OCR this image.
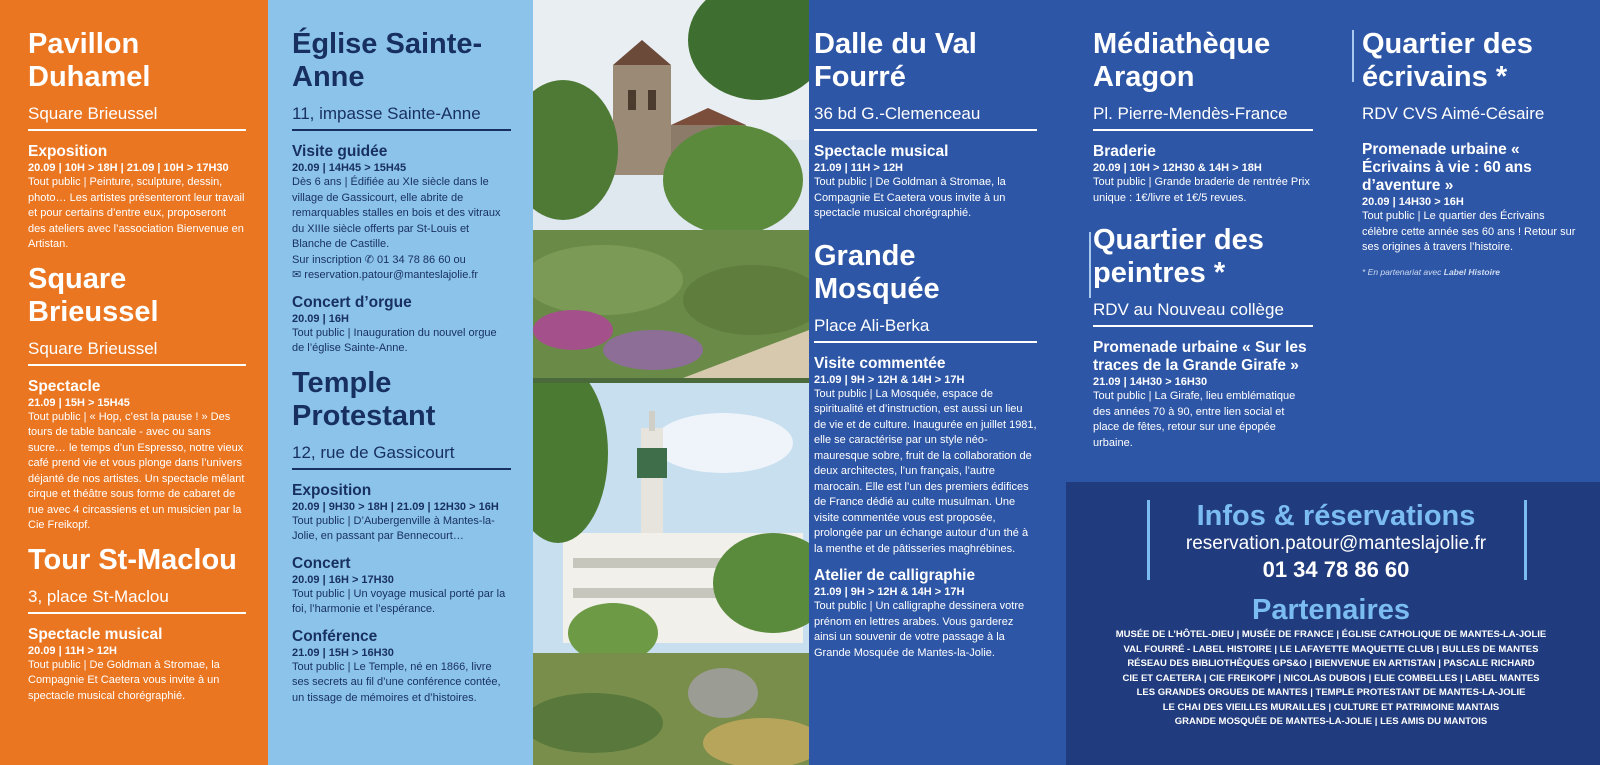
Pavillon Duhamel
Square Brieussel
Exposition
20.09 | 10H > 18H | 21.09 | 10H > 17H30
Tout public | Peinture, sculpture, dessin, photo… Les artistes présenteront leur travail et pour certains d’entre eux, proposeront des ateliers avec l’association Bienvenue en Artistan.
Square Brieussel
Square Brieussel
Spectacle
21.09 | 15H > 15H45
Tout public | « Hop, c’est la pause ! » Des tours de table bancale - avec ou sans sucre… le temps d’un Espresso, notre vieux café prend vie et vous plonge dans l’univers déjanté de nos artistes. Un spectacle mêlant cirque et théâtre sous forme de cabaret de rue avec 4 circassiens et un musicien par la Cie Freikopf.
Tour St-Maclou
3, place St-Maclou
Spectacle musical
20.09 | 11H > 12H
Tout public | De Goldman à Stromae, la Compagnie Et Caetera vous invite à un spectacle musical chorégraphié.
Église Sainte-Anne
11, impasse Sainte-Anne
Visite guidée
20.09 | 14H45 > 15H45
Dès 6 ans | Édifiée au XIe siècle dans le village de Gassicourt, elle abrite de remarquables stalles en bois et des vitraux du XIIIe siècle offerts par St-Louis et Blanche de Castille.
Sur inscription ✆ 01 34 78 86 60 ou
✉ reservation.patour@manteslajolie.fr
Concert d’orgue
20.09 | 16H
Tout public | Inauguration du nouvel orgue de l’église Sainte-Anne.
Temple Protestant
12, rue de Gassicourt
Exposition
20.09 | 9H30 > 18H | 21.09 | 12H30 > 16H
Tout public | D’Aubergenville à Mantes-la-Jolie, en passant par Bennecourt…
Concert
20.09 | 16H > 17H30
Tout public | Un voyage musical porté par la foi, l’harmonie et l’espérance.
Conférence
21.09 | 15H > 16H30
Tout public | Le Temple, né en 1866, livre ses secrets au fil d’une conférence contée, un tissage de mémoires et d’histoires.
Dalle du Val Fourré
36 bd G.-Clemenceau
Spectacle musical
21.09 | 11H > 12H
Tout public | De Goldman à Stromae, la Compagnie Et Caetera vous invite à un spectacle musical chorégraphié.
Grande Mosquée
Place Ali-Berka
Visite commentée
21.09 | 9H > 12H & 14H > 17H
Tout public | La Mosquée, espace de spiritualité et d’instruction, est aussi un lieu de vie et de culture. Inaugurée en juillet 1981, elle se caractérise par un style néo-mauresque sobre, fruit de la collaboration de deux architectes, l’un français, l’autre marocain. Elle est l’un des premiers édifices de France dédié au culte musulman. Une visite commentée vous est proposée, prolongée par un échange autour d’un thé à la menthe et de pâtisseries maghrébines.
Atelier de calligraphie
21.09 | 9H > 12H & 14H > 17H
Tout public | Un calligraphe dessinera votre prénom en lettres arabes. Vous garderez ainsi un souvenir de votre passage à la Grande Mosquée de Mantes-la-Jolie.
Médiathèque Aragon
Pl. Pierre-Mendès-France
Braderie
20.09 | 10H > 12H30 & 14H > 18H
Tout public | Grande braderie de rentrée Prix unique : 1€/livre et 1€/5 revues.
Quartier des peintres *
RDV au Nouveau collège
Promenade urbaine « Sur les traces de la Grande Girafe »
21.09 | 14H30 > 16H30
Tout public | La Girafe, lieu emblématique des années 70 à 90, entre lien social et place de fêtes, retour sur une épopée urbaine.
Quartier des écrivains *
RDV CVS Aimé-Césaire
Promenade urbaine « Écrivains à vie : 60 ans d’aventure »
20.09 | 14H30 > 16H
Tout public | Le quartier des Écrivains célèbre cette année ses 60 ans ! Retour sur ses origines à travers l’histoire.
* En partenariat avec Label Histoire
Infos & réservations
reservation.patour@manteslajolie.fr
01 34 78 86 60
Partenaires
MUSÉE DE L’HÔTEL-DIEU | MUSÉE DE FRANCE | ÉGLISE CATHOLIQUE DE MANTES-LA-JOLIE
VAL FOURRÉ - LABEL HISTOIRE | LE LAFAYETTE MAQUETTE CLUB | BULLES DE MANTES
RÉSEAU DES BIBLIOTHÈQUES GPS&O | BIENVENUE EN ARTISTAN | PASCALE RICHARD
CIE ET CAETERA | CIE FREIKOPF | NICOLAS DUBOIS | ELIE COMBELLES | LABEL MANTES
LES GRANDES ORGUES DE MANTES | TEMPLE PROTESTANT DE MANTES-LA-JOLIE
LE CHAI DES VIEILLES MURAILLES | CULTURE ET PATRIMOINE MANTAIS
GRANDE MOSQUÉE DE MANTES-LA-JOLIE | LES AMIS DU MANTOIS
